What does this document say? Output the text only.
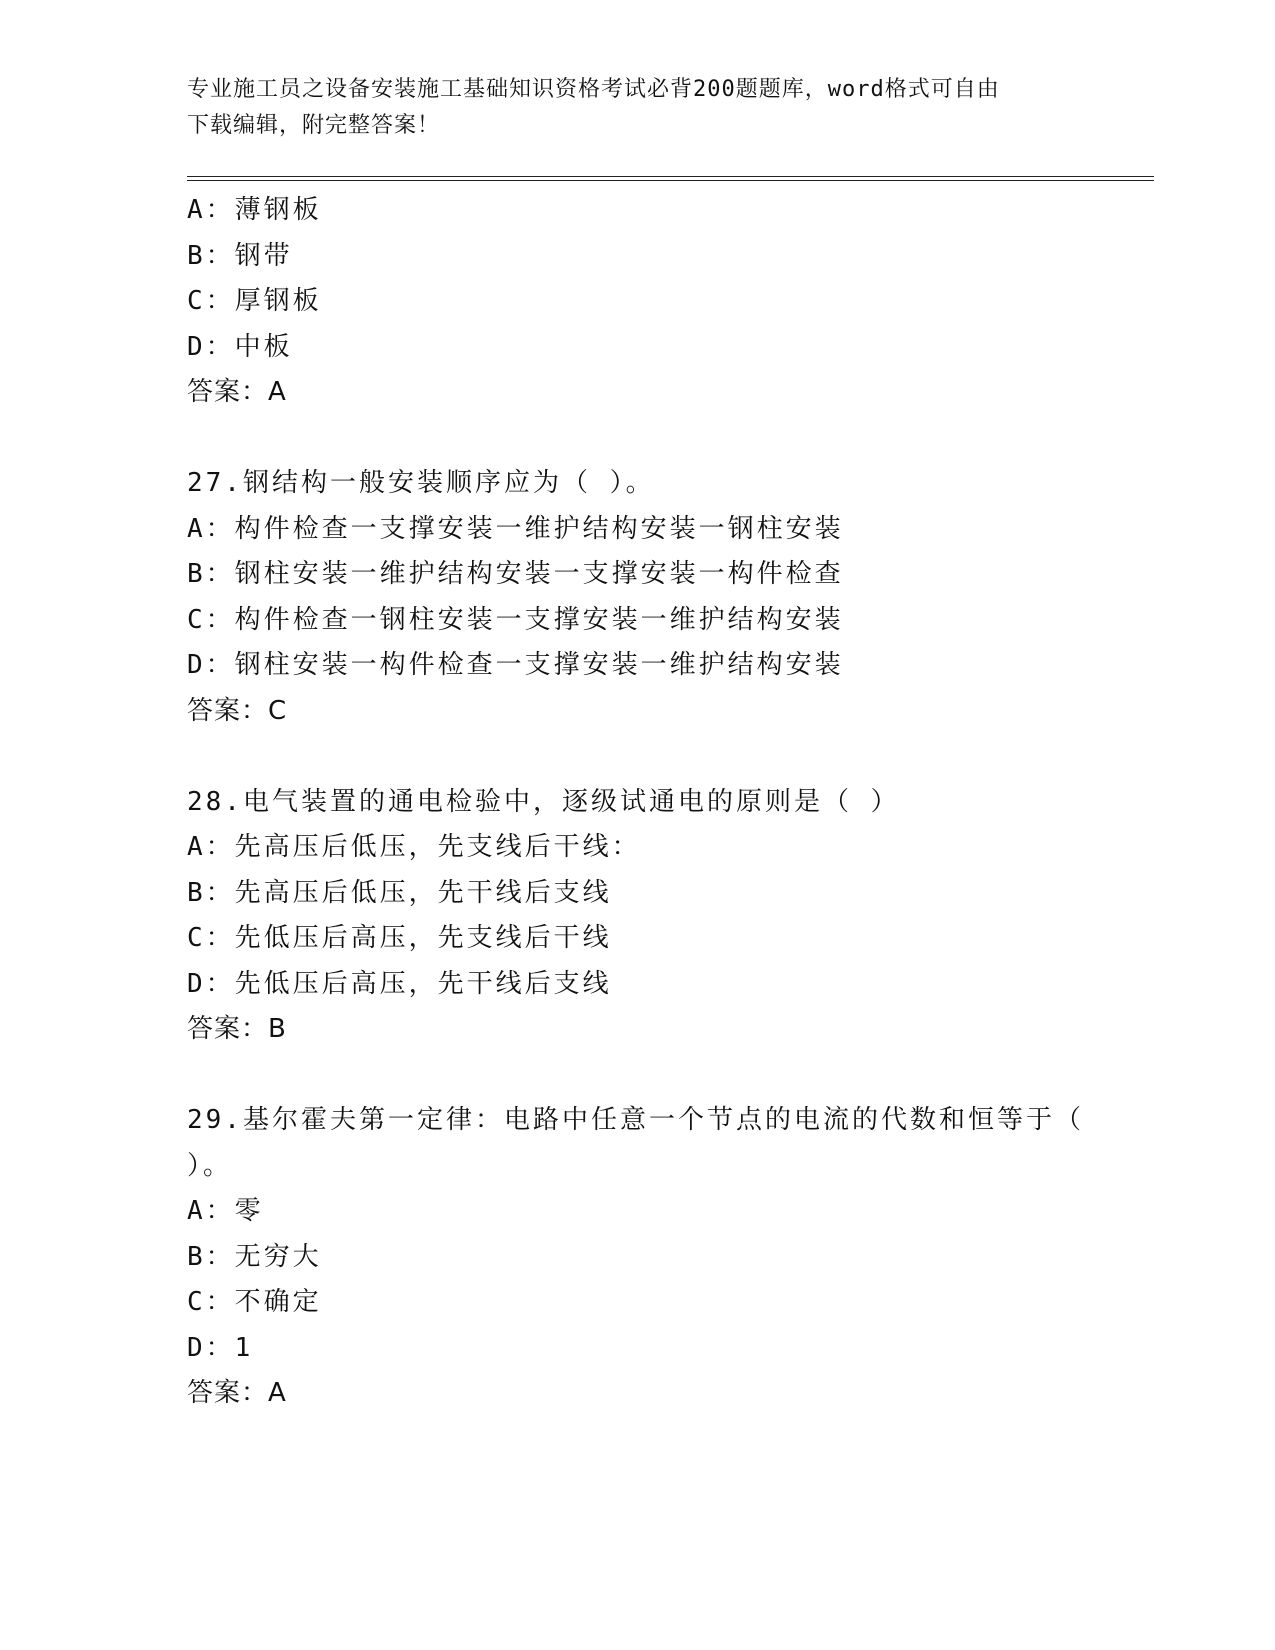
专业施工员之设备安装施工基础知识资格考试必背200题题库，word格式可自由
下载编辑，附完整答案！
A：薄钢板
B：钢带
C：厚钢板
D：中板
答案：A
27.钢结构一般安装顺序应为（ ）。
A：构件检查一支撑安装一维护结构安装一钢柱安装
B：钢柱安装一维护结构安装一支撑安装一构件检查
C：构件检查一钢柱安装一支撑安装一维护结构安装
D：钢柱安装一构件检查一支撑安装一维护结构安装
答案：C
28.电气装置的通电检验中，逐级试通电的原则是（ ）
A：先高压后低压，先支线后干线：
B：先高压后低压，先干线后支线
C：先低压后高压，先支线后干线
D：先低压后高压，先干线后支线
答案：B
29.基尔霍夫第一定律：电路中任意一个节点的电流的代数和恒等于（
）。
A：零
B：无穷大
C：不确定
D：1
答案：A
